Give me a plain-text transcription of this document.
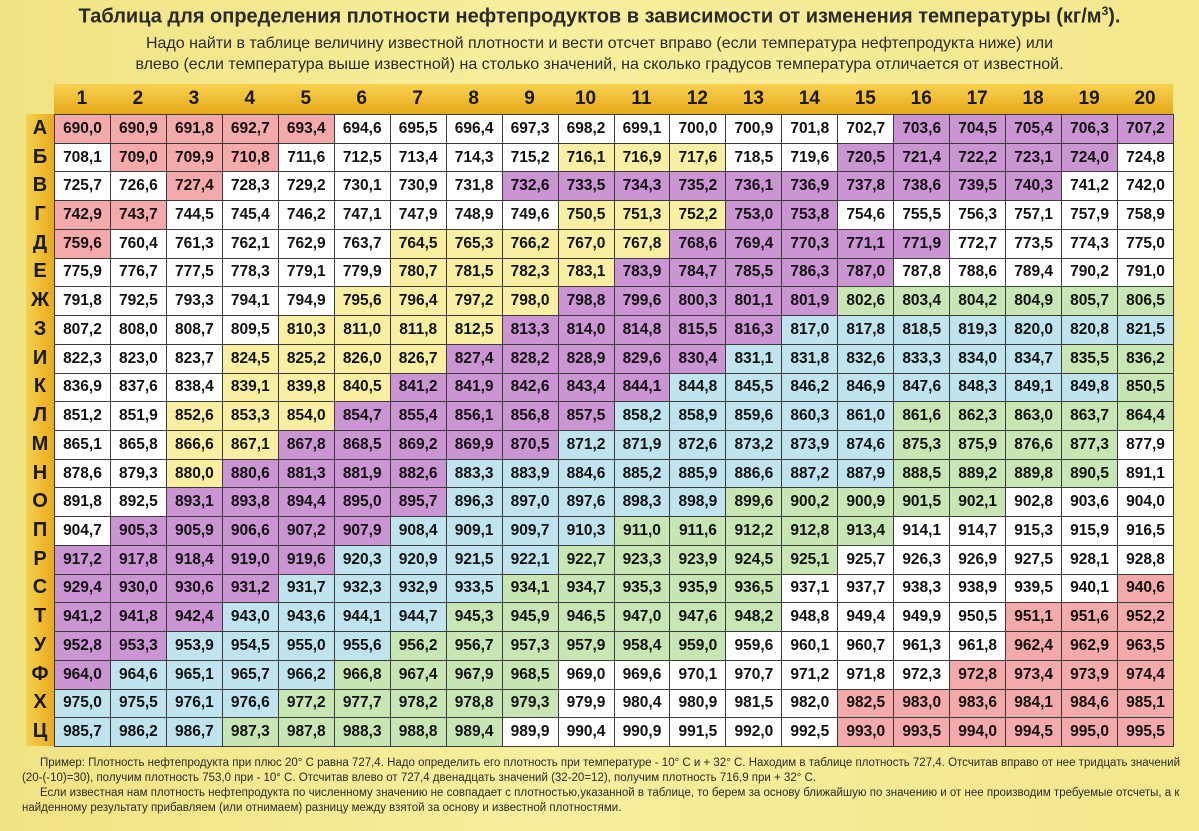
Таблица для определения плотности нефтепродуктов в зависимости от изменения температуры $(кг/м^3)$.
Надо найти в таблице величину известной плотности и вести отсчет вправо (если температура нефтепродукта ниже) или
влево (если температура выше известной) на столько значений, на сколько градусов температура отличается от известной.
1	2	3	4	5	6	7	8	9	10	11	12	13	14	15	16	17	18	19	20
А	690,0	690,9	691,8	692,7	693,4	694,6	695,5	696,4	697,3	698,2	699,1	700,0	700,9	701,8	702,7	703,6	704,5	705,4	706,3	707,2
Б	708,1	709,0	709,9	710,8	711,6	712,5	713,4	714,3	715,2	716,1	716,9	717,6	718,5	719,6	720,5	721,4	722,2	723,1	724,0	724,8
В	725,7	726,6	727,4	728,3	729,2	730,1	730,9	731,8	732,6	733,5	734,3	735,2	736,1	736,9	737,8	738,6	739,5	740,3	741,2	742,0
Г	742,9	743,7	744,5	745,4	746,2	747,1	747,9	748,9	749,6	750,5	751,3	752,2	753,0	753,8	754,6	755,5	756,3	757,1	757,9	758,9
Д	759,6	760,4	761,3	762,1	762,9	763,7	764,5	765,3	766,2	767,0	767,8	768,6	769,4	770,3	771,1	771,9	772,7	773,5	774,3	775,0
Е	775,9	776,7	777,5	778,3	779,1	779,9	780,7	781,5	782,3	783,1	783,9	784,7	785,5	786,3	787,0	787,8	788,6	789,4	790,2	791,0
Ж 791,8	792,5	793,3	794,1	794,9	795,6	796,4	797,2	798,0	798,8	799,6	800,3	801,1	801,9	802,6	803,4	804,2	804,9	805,7	806,5
З	807,2	808,0	808,7	809,5	810,3	811,0	811,8	812,5	813,3	814,0	814,8	815,5	816,3	817,0	817,8	818,5	819,3	820,0	820,8	821,5
И	822,3	823,0	823,7	824,5	825,2	826,0	826,7	827,4	828,2	828,9	829,6	830,4	831,1	831,8	832,6	833,3	834,0	834,7	835,5	836,2
К	836,9	837,6	838,4	839,1	839,8	840,5	841,2	841,9	842,6	843,4	844,1	844,8	845,5	846,2	846,9	847,6	848,3	849,1	849,8	850,5
Л	851,2	851,9	852,6	853,3	854,0	854,7	855,4	856,1	856,8	857,5	858,2	858,9	859,6	860,3	861,0	861,6	862,3	863,0	863,7	864,4
М 865,1	865,8	866,6	867,1	867,8	868,5	869,2	869,9	870,5	871,2	871,9	872,6	873,2	873,9	874,6	875,3	875,9	876,6	877,3	877,9
Н	878,6	879,3	880,0	880,6	881,3	881,9	882,6	883,3	883,9	884,6	885,2	885,9	886,6	887,2	887,9	888,5	889,2	889,8	890,5	891,1
О 891,8	892,5	893,1	893,8	894,4	895,0	895,7	896,3	897,0	897,6	898,3	898,9	899,6	900,2	900,9	901,5	902,1	902,8	903,6	904,0
П	904,7	905,3	905,9	906,6	907,2	907,9	908,4	909,1	909,7	910,3	911,0	911,6	912,2	912,8	913,4	914,1	914,7	915,3	915,9	916,5
Р	917,2	917,8	918,4	919,0	919,6	920,3	920,9	921,5	922,1	922,7	923,3	923,9	924,5	925,1	925,7	926,3	926,9	927,5	928,1	928,8
С	929,4	930,0	930,6	931,2	931,7	932,3	932,9	933,5	934,1	934,7	935,3	935,9	936,5	937,1	937,7	938,3	938,9	939,5	940,1	940,6
Т	941,2	941,8	942,4	943,0	943,6	944,1	944,7	945,3	945,9	946,5	947,0	947,6	948,2	948,8	949,4	949,9	950,5	951,1	951,6	952,2
У	952,8	953,3	953,9	954,5	955,0	955,6	956,2	956,7	957,3	957,9	958,4	959,0	959,6	960,1	960,7	961,3	961,8	962,4	962,9	963,5
Ф 964,0	964,6	965,1	965,7	966,2	966,8	967,4	967,9	968,5	969,0	969,6	970,1	970,7	971,2	971,8	972,3	972,8	973,4	973,9	974,4
Х	975,0	975,5	976,1	976,6	977,2	977,7	978,2	978,8	979,3	979,9	980,4	980,9	981,5	982,0	982,5	983,0	983,6	984,1	984,6	985,1
Ц	985,7	986,2	986,7	987,3	987,8	988,3	988,8	989,4	989,9	990,4	990,9	991,5	992,0	992,5	993,0	993,5	994,0	994,5	995,0	995,5

Пример: Плотность нефтепродукта при плюс 20° С равна 727,4. Надо определить его плотность при температуре - 10° С и + 32° С. Находим в таблице плотность 727,4. Отсчитав вправо от нее тридцать значений (20-(-10)=30), получим плотность 753,0 при - 10° С. Отсчитав влево от 727,4 двенадцать значений (32-20=12), получим плотность 716,9 при + 32° С.

Если известная нам плотность нефтепродукта по численному значению не совпадает с плотностью,указанной в таблице, то берем за основу ближайшую по значению и от нее производим требуемые отсчеты, а к найденному результату прибавляем (или отнимаем) разницу между взятой за основу и известной плотностями.
